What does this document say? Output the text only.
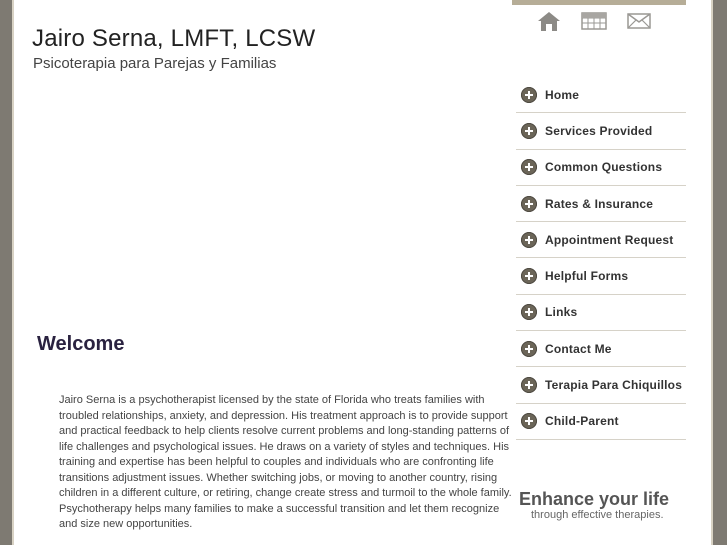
Jairo Serna, LMFT, LCSW
Psicoterapia para Parejas y Familias
Home
Services Provided
Common Questions
Rates & Insurance
Appointment Request
Helpful Forms
Links
Contact Me
Terapia Para Chiquillos
Child-Parent
Welcome
Jairo Serna is a psychotherapist licensed by the state of Florida who treats families with troubled relationships, anxiety, and depression. His treatment approach is to provide support and practical feedback to help clients resolve current problems and long-standing patterns of life challenges and psychological issues. He draws on a variety of styles and techniques. His training and expertise has been helpful to couples and individuals who are confronting life transitions adjustment issues. Whether switching jobs, or moving to another country, rising children in a different culture, or retiring, change create stress and turmoil to the whole family. Psychotherapy helps many families to make a successful transition and let them recognize and size new opportunities.
Enhance your life
through effective therapies.
